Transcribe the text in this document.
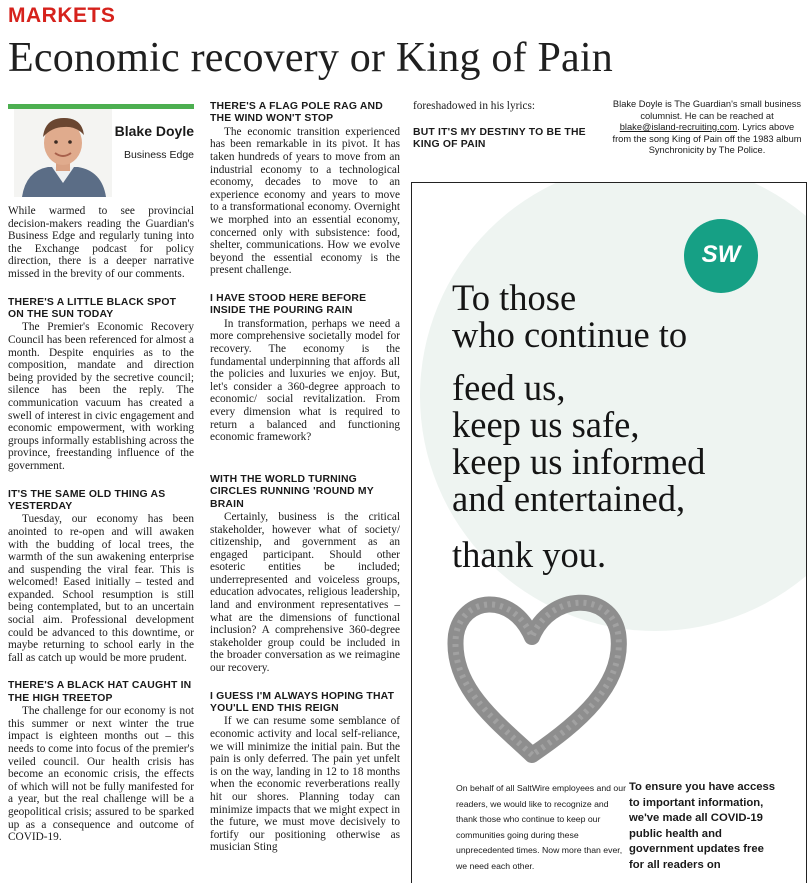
MARKETS
Economic recovery or King of Pain
Blake Doyle
Business Edge

While warmed to see provincial decision-makers reading the Guardian's Business Edge and regularly tuning into the Exchange podcast for policy direction, there is a deeper narrative missed in the brevity of our comments.

THERE'S A LITTLE BLACK SPOT ON THE SUN TODAY

The Premier's Economic Recovery Council has been referenced for almost a month. Despite enquiries as to the composition, mandate and direction being provided by the secretive council; silence has been the reply. The communication vacuum has created a swell of interest in civic engagement and economic empowerment, with working groups informally establishing across the province, freestanding influence of the government.

IT'S THE SAME OLD THING AS YESTERDAY

Tuesday, our economy has been anointed to re-open and will awaken with the budding of local trees, the warmth of the sun awakening enterprise and suspending the viral fear. This is welcomed! Eased initially – tested and expanded. School resumption is still being contemplated, but to an uncertain social aim. Professional development could be advanced to this downtime, or maybe returning to school early in the fall as catch up would be more prudent.

THERE'S A BLACK HAT CAUGHT IN THE HIGH TREETOP

The challenge for our economy is not this summer or next winter the true impact is eighteen months out – this needs to come into focus of the premier's veiled council. Our health crisis has become an economic crisis, the effects of which will not be fully manifested for a year, but the real challenge will be a geopolitical crisis; assured to be sparked up as a consequence and outcome of COVID-19.

THERE'S A FLAG POLE RAG AND THE WIND WON'T STOP

The economic transition experienced has been remarkable in its pivot. It has taken hundreds of years to move from an industrial economy to a technological economy, decades to move to an experience economy and years to move to a transformational economy. Overnight we morphed into an essential economy, concerned only with subsistence: food, shelter, communications. How we evolve beyond the essential economy is the present challenge.

I HAVE STOOD HERE BEFORE INSIDE THE POURING RAIN

In transformation, perhaps we need a more comprehensive societally model for recovery. The economy is the fundamental underpinning that affords all the policies and luxuries we enjoy. But, let's consider a 360-degree approach to economic/ social revitalization. From every dimension what is required to return a balanced and functioning economic framework?

WITH THE WORLD TURNING CIRCLES RUNNING 'ROUND MY BRAIN

Certainly, business is the critical stakeholder, however what of society/ citizenship, and government as an engaged participant. Should other esoteric entities be included; underrepresented and voiceless groups, education advocates, religious leadership, land and environment representatives – what are the dimensions of functional inclusion? A comprehensive 360-degree stakeholder group could be included in the broader conversation as we reimagine our recovery.

I GUESS I'M ALWAYS HOPING THAT YOU'LL END THIS REIGN

If we can resume some semblance of economic activity and local self-reliance, we will minimize the initial pain. But the pain is only deferred. The pain yet unfelt is on the way, landing in 12 to 18 months when the economic reverberations really hit our shores. Planning today can minimize impacts that we might expect in the future, we must move decisively to fortify our positioning otherwise as musician Sting

foreshadowed in his lyrics:

BUT IT'S MY DESTINY TO BE THE KING OF PAIN
Blake Doyle is The Guardian's small business columnist. He can be reached at blake@island-recruiting.com. Lyrics above from the song King of Pain off the 1983 album Synchronicity by The Police.
SW
To those
who continue to
feed us,
keep us safe,
keep us informed
and entertained,
thank you.
On behalf of all SaltWire employees and our readers, we would like to recognize and thank those who continue to keep our communities going during these unprecedented times. Now more than ever, we need each other.
To ensure you have access to important information, we've made all COVID-19 public health and government updates free for all readers on
